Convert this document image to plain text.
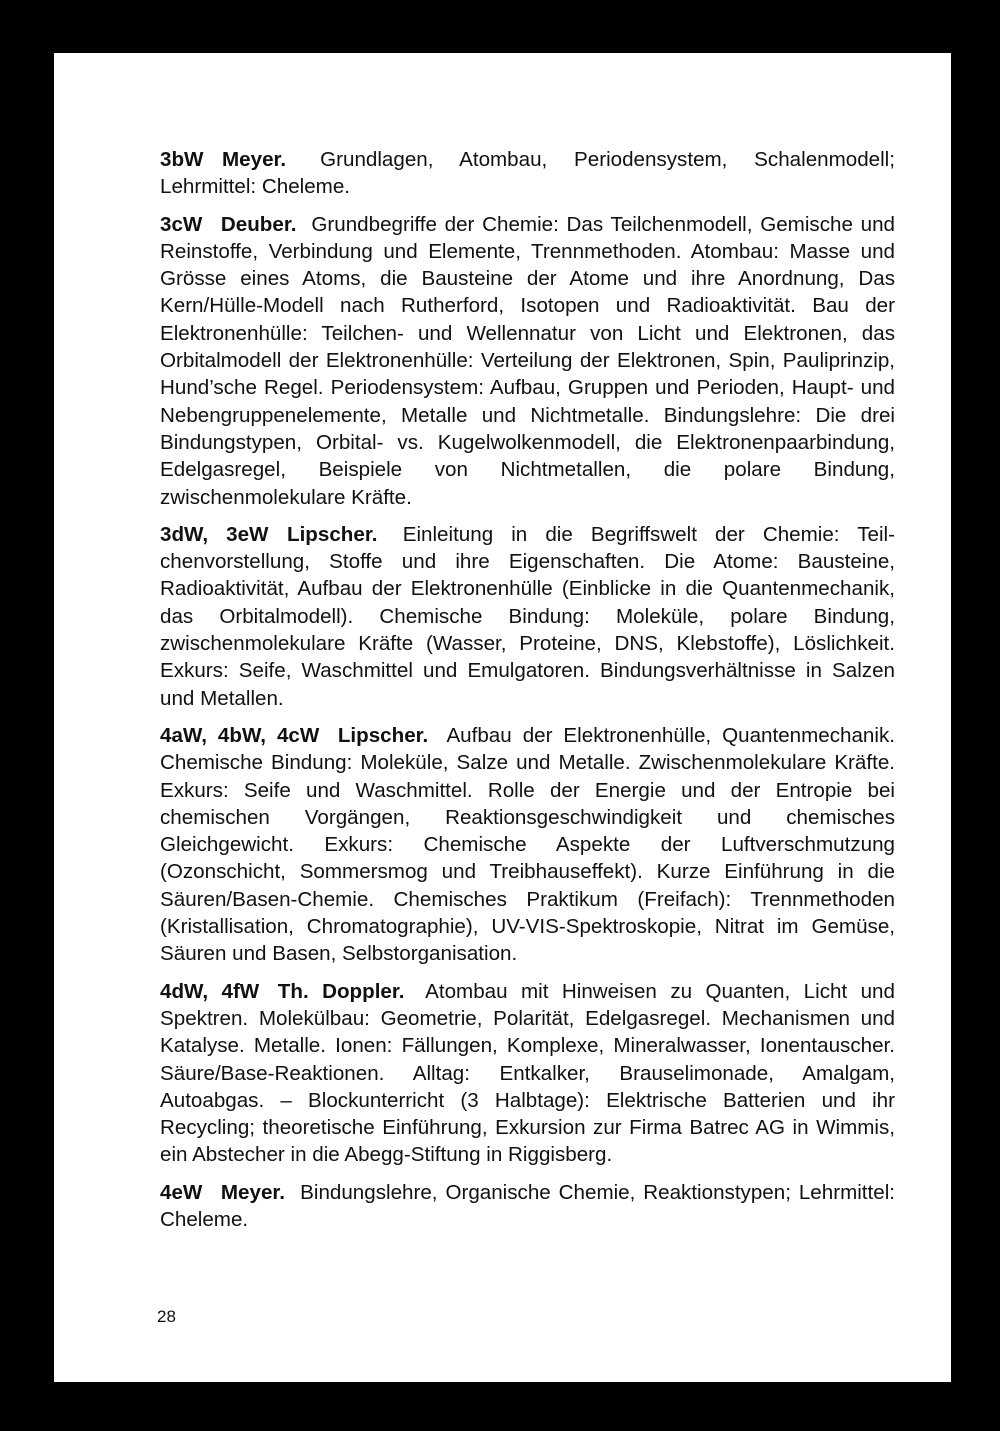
3bW Meyer. Grundlagen, Atombau, Periodensystem, Schalenmodell; Lehrmittel: Cheleme.

3cW Deuber. Grundbegriffe der Chemie: Das Teilchenmodell, Gemische und Reinstoffe, Verbindung und Elemente, Trennmethoden. Atombau: Masse und Grösse eines Atoms, die Bausteine der Atome und ihre Anordnung, Das Kern/Hülle-Modell nach Rutherford, Isotopen und Radioaktivität. Bau der Elektronenhülle: Teilchen- und Wellennatur von Licht und Elektronen, das Orbitalmodell der Elektronenhülle: Verteilung der Elektronen, Spin, Pauliprinzip, Hund’sche Regel. Periodensystem: Aufbau, Gruppen und Perioden, Haupt- und Nebengruppenelemente, Metalle und Nichtmetalle. Bindungslehre: Die drei Bindungstypen, Orbital- vs. Kugelwolkenmodell, die Elektronenpaarbindung, Edelgasregel, Beispiele von Nichtmetallen, die polare Bindung, zwischenmolekulare Kräfte.

3dW, 3eW Lipscher. Einleitung in die Begriffswelt der Chemie: Teilchenvorstellung, Stoffe und ihre Eigenschaften. Die Atome: Bausteine, Radioaktivität, Aufbau der Elektronenhülle (Einblicke in die Quantenmechanik, das Orbitalmodell). Chemische Bindung: Moleküle, polare Bindung, zwischenmolekulare Kräfte (Wasser, Proteine, DNS, Klebstoffe), Löslichkeit. Exkurs: Seife, Waschmittel und Emulgatoren. Bindungsverhältnisse in Salzen und Metallen.

4aW, 4bW, 4cW Lipscher. Aufbau der Elektronenhülle, Quantenmechanik. Chemische Bindung: Moleküle, Salze und Metalle. Zwischenmolekulare Kräfte. Exkurs: Seife und Waschmittel. Rolle der Energie und der Entropie bei chemischen Vorgängen, Reaktionsgeschwindigkeit und chemisches Gleichgewicht. Exkurs: Chemische Aspekte der Luftverschmutzung (Ozonschicht, Sommersmog und Treibhauseffekt). Kurze Einführung in die Säuren/Basen-Chemie. Chemisches Praktikum (Freifach): Trennmethoden (Kristallisation, Chromatographie), UV-VIS-Spektroskopie, Nitrat im Gemüse, Säuren und Basen, Selbstorganisation.

4dW, 4fW Th. Doppler. Atombau mit Hinweisen zu Quanten, Licht und Spektren. Molekülbau: Geometrie, Polarität, Edelgasregel. Mechanismen und Katalyse. Metalle. Ionen: Fällungen, Komplexe, Mineralwasser, Ionentauscher. Säure/Base-Reaktionen. Alltag: Entkalker, Brauselimonade, Amalgam, Autoabgas. – Blockunterricht (3 Halbtage): Elektrische Batterien und ihr Recycling; theoretische Einführung, Exkursion zur Firma Batrec AG in Wimmis, ein Abstecher in die Abegg-Stiftung in Riggisberg.

4eW Meyer. Bindungslehre, Organische Chemie, Reaktionstypen; Lehrmittel: Cheleme.

28
